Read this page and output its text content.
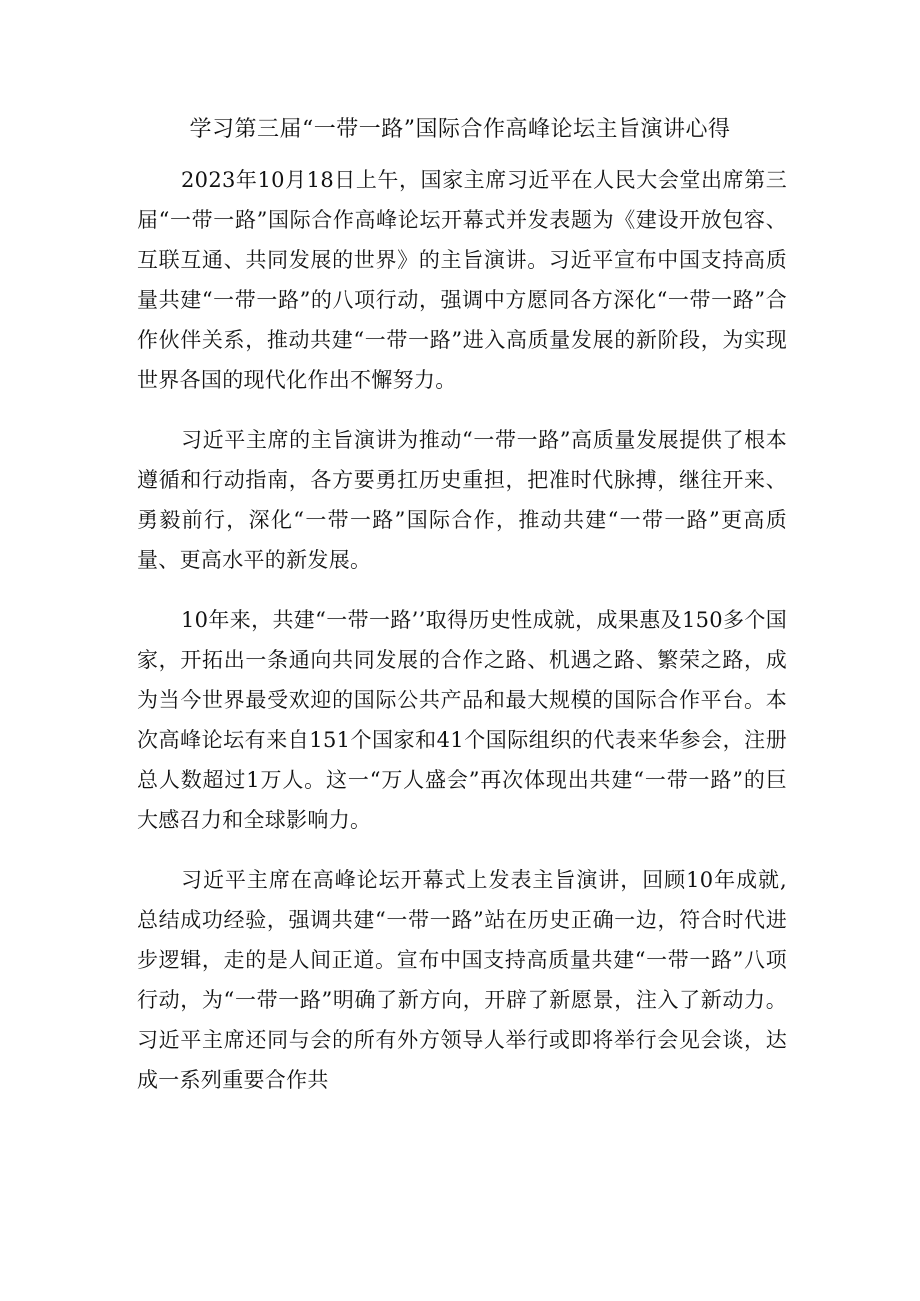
学习第三届“一带一路”国际合作高峰论坛主旨演讲心得

2023年10月18日上午，国家主席习近平在人民大会堂出席第三届“一带一路”国际合作高峰论坛开幕式并发表题为《建设开放包容、互联互通、共同发展的世界》的主旨演讲。习近平宣布中国支持高质量共建“一带一路”的八项行动，强调中方愿同各方深化“一带一路”合作伙伴关系，推动共建“一带一路”进入高质量发展的新阶段，为实现世界各国的现代化作出不懈努力。

习近平主席的主旨演讲为推动“一带一路”高质量发展提供了根本遵循和行动指南，各方要勇扛历史重担，把准时代脉搏，继往开来、勇毅前行，深化“一带一路”国际合作，推动共建“一带一路”更高质量、更高水平的新发展。

10年来，共建“一带一路’’取得历史性成就，成果惠及150多个国家，开拓出一条通向共同发展的合作之路、机遇之路、繁荣之路，成为当今世界最受欢迎的国际公共产品和最大规模的国际合作平台。本次高峰论坛有来自151个国家和41个国际组织的代表来华参会，注册总人数超过1万人。这一“万人盛会”再次体现出共建“一带一路”的巨大感召力和全球影响力。

习近平主席在高峰论坛开幕式上发表主旨演讲，回顾10年成就,总结成功经验，强调共建“一带一路”站在历史正确一边，符合时代进步逻辑，走的是人间正道。宣布中国支持高质量共建“一带一路”八项行动，为“一带一路”明确了新方向，开辟了新愿景，注入了新动力。习近平主席还同与会的所有外方领导人举行或即将举行会见会谈，达成一系列重要合作共
